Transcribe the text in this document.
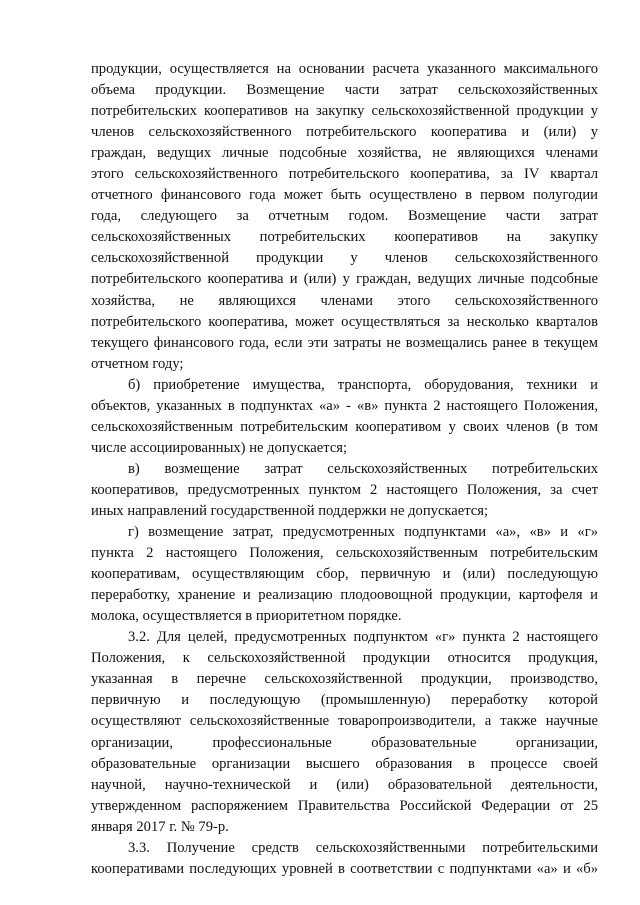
продукции, осуществляется на основании расчета указанного максимального
объема продукции. Возмещение части затрат сельскохозяйственных
потребительских кооперативов на закупку сельскохозяйственной продукции у
членов сельскохозяйственного потребительского кооператива и (или) у
граждан, ведущих личные подсобные хозяйства, не являющихся членами
этого сельскохозяйственного потребительского кооператива, за IV квартал
отчетного финансового года может быть осуществлено в первом полугодии
года, следующего за отчетным годом. Возмещение части затрат
сельскохозяйственных потребительских кооперативов на закупку
сельскохозяйственной продукции у членов сельскохозяйственного
потребительского кооператива и (или) у граждан, ведущих личные подсобные
хозяйства, не являющихся членами этого сельскохозяйственного
потребительского кооператива, может осуществляться за несколько кварталов
текущего финансового года, если эти затраты не возмещались ранее в текущем
отчетном году;
б) приобретение имущества, транспорта, оборудования, техники и
объектов, указанных в подпунктах «а» - «в» пункта 2 настоящего Положения,
сельскохозяйственным потребительским кооперативом у своих членов (в том
числе ассоциированных) не допускается;
в) возмещение затрат сельскохозяйственных потребительских
кооперативов, предусмотренных пунктом 2 настоящего Положения, за счет
иных направлений государственной поддержки не допускается;
г) возмещение затрат, предусмотренных подпунктами «а», «в» и «г»
пункта 2 настоящего Положения, сельскохозяйственным потребительским
кооперативам, осуществляющим сбор, первичную и (или) последующую
переработку, хранение и реализацию плодоовощной продукции, картофеля и
молока, осуществляется в приоритетном порядке.
3.2. Для целей, предусмотренных подпунктом «г» пункта 2 настоящего
Положения, к сельскохозяйственной продукции относится продукция,
указанная в перечне сельскохозяйственной продукции, производство,
первичную и последующую (промышленную) переработку которой
осуществляют сельскохозяйственные товаропроизводители, а также научные
организации, профессиональные образовательные организации,
образовательные организации высшего образования в процессе своей
научной, научно-технической и (или) образовательной деятельности,
утвержденном распоряжением Правительства Российской Федерации от 25
января 2017 г. № 79-р.
3.3. Получение средств сельскохозяйственными потребительскими
кооперативами последующих уровней в соответствии с подпунктами «а» и «б»
